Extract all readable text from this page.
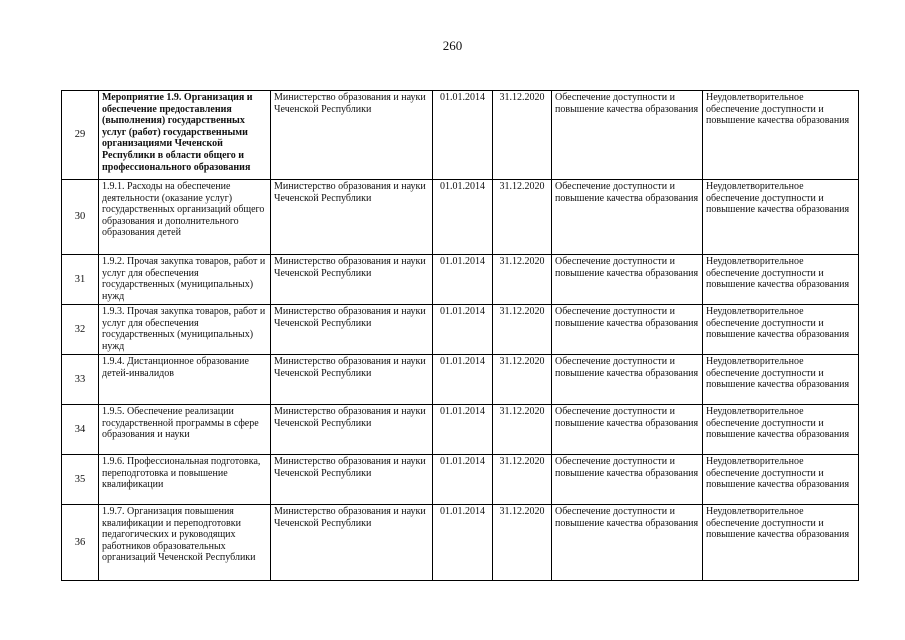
260
29	Мероприятие 1.9. Организация и обеспечение предоставления (выполнения) государственных услуг (работ) государственными организациями Чеченской Республики в области общего и профессионального образования	Министерство образования и науки Чеченской Республики	01.01.2014	31.12.2020	Обеспечение доступности и повышение качества образования	Неудовлетворительное обеспечение доступности и повышение качества образования
30	1.9.1. Расходы на обеспечение деятельности (оказание услуг) государственных организаций общего образования и дополнительного образования детей	Министерство образования и науки Чеченской Республики	01.01.2014	31.12.2020	Обеспечение доступности и повышение качества образования	Неудовлетворительное обеспечение доступности и повышение качества образования
31	1.9.2. Прочая закупка товаров, работ и услуг для обеспечения государственных (муниципальных) нужд	Министерство образования и науки Чеченской Республики	01.01.2014	31.12.2020	Обеспечение доступности и повышение качества образования	Неудовлетворительное обеспечение доступности и повышение качества образования
32	1.9.3. Прочая закупка товаров, работ и услуг для обеспечения государственных (муниципальных) нужд	Министерство образования и науки Чеченской Республики	01.01.2014	31.12.2020	Обеспечение доступности и повышение качества образования	Неудовлетворительное обеспечение доступности и повышение качества образования
33	1.9.4. Дистанционное образование детей-инвалидов	Министерство образования и науки Чеченской Республики	01.01.2014	31.12.2020	Обеспечение доступности и повышение качества образования	Неудовлетворительное обеспечение доступности и повышение качества образования
34	1.9.5. Обеспечение реализации государственной программы в сфере образования и науки	Министерство образования и науки Чеченской Республики	01.01.2014	31.12.2020	Обеспечение доступности и повышение качества образования	Неудовлетворительное обеспечение доступности и повышение качества образования
35	1.9.6. Профессиональная подготовка, переподготовка и повышение квалификации	Министерство образования и науки Чеченской Республики	01.01.2014	31.12.2020	Обеспечение доступности и повышение качества образования	Неудовлетворительное обеспечение доступности и повышение качества образования
36	1.9.7. Организация повышения квалификации и переподготовки педагогических и руководящих работников образовательных организаций Чеченской Республики	Министерство образования и науки Чеченской Республики	01.01.2014	31.12.2020	Обеспечение доступности и повышение качества образования	Неудовлетворительное обеспечение доступности и повышение качества образования
